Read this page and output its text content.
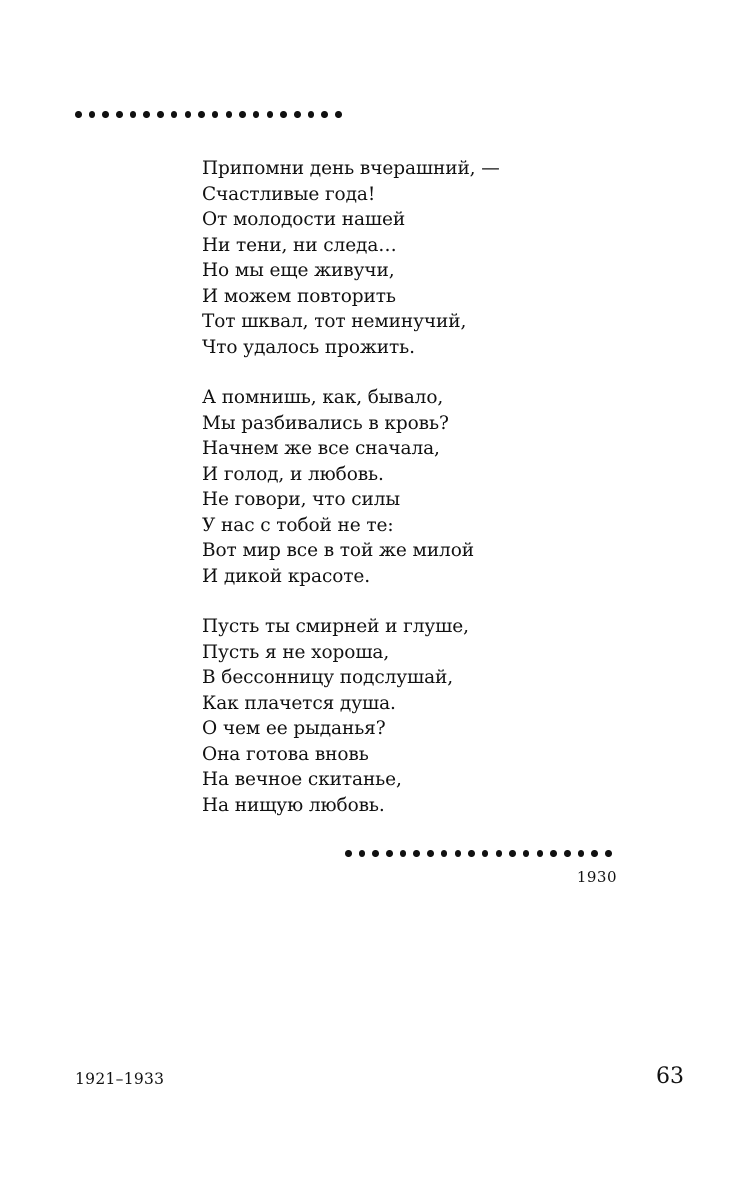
Припомни день вчерашний, —
Счастливые года!
От молодости нашей
Ни тени, ни следа…
Но мы еще живучи,
И можем повторить
Тот шквал, тот неминучий,
Что удалось прожить.
А помнишь, как, бывало,
Мы разбивались в кровь?
Начнем же все сначала,
И голод, и любовь.
Не говори, что силы
У нас с тобой не те:
Вот мир все в той же милой
И дикой красоте.
Пусть ты смирней и глуше,
Пусть я не хороша,
В бессонницу подслушай,
Как плачется душа.
О чем ее рыданья?
Она готова вновь
На вечное скитанье,
На нищую любовь.
1930
1921–1933	63
